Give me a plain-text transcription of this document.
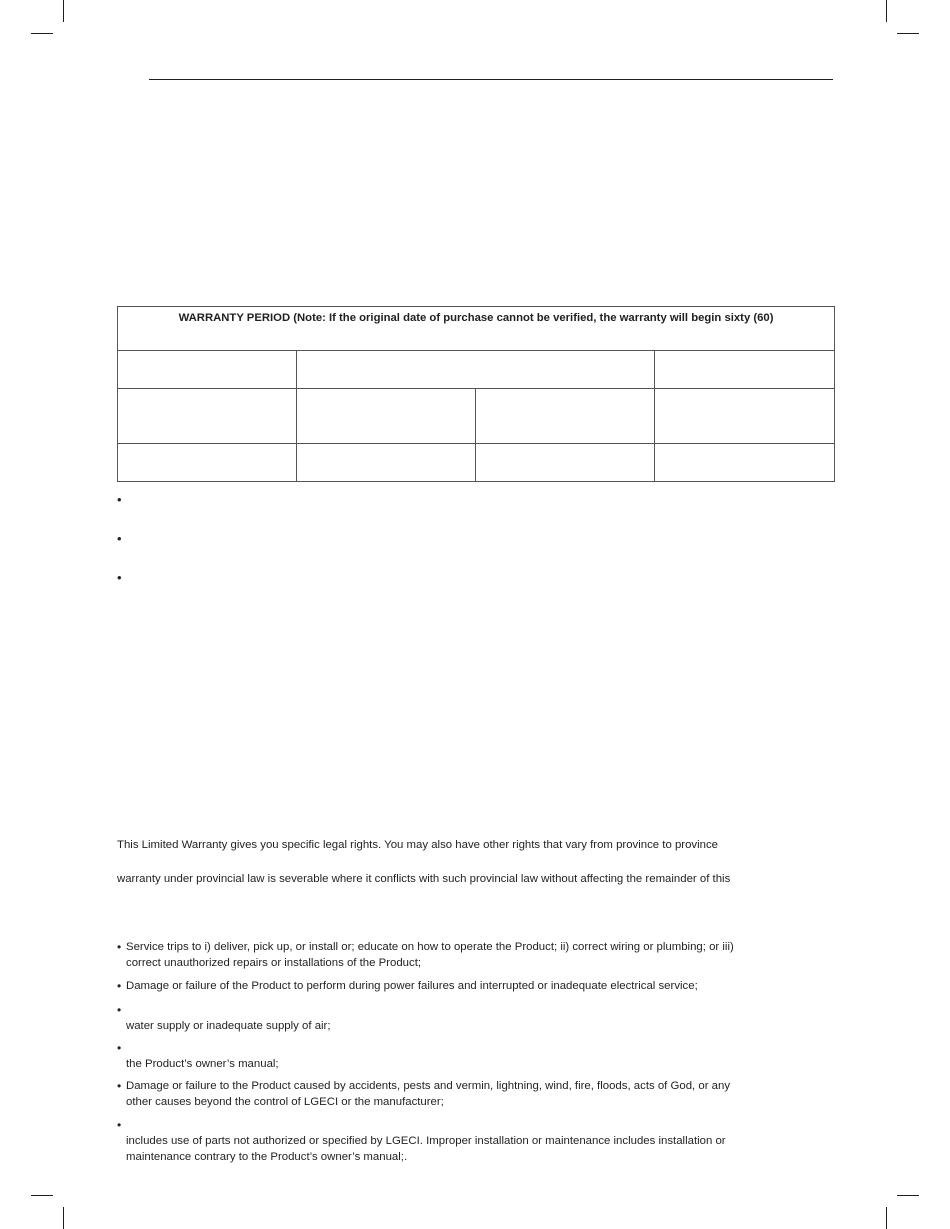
WARRANTY PERIOD (Note: If the original date of purchase cannot be verified, the warranty will begin sixty (60)			

•
•
•
This Limited Warranty gives you specific legal rights. You may also have other rights that vary from province to province
warranty under provincial law is severable where it conflicts with such provincial law without affecting the remainder of this
• Service trips to i) deliver, pick up, or install or; educate on how to operate the Product; ii) correct wiring or plumbing; or iii)
correct unauthorized repairs or installations of the Product;
• Damage or failure of the Product to perform during power failures and interrupted or inadequate electrical service;
•
water supply or inadequate supply of air;
•
the Product’s owner’s manual;
• Damage or failure to the Product caused by accidents, pests and vermin, lightning, wind, fire, floods, acts of God, or any
other causes beyond the control of LGECI or the manufacturer;
•
includes use of parts not authorized or specified by LGECI. Improper installation or maintenance includes installation or
maintenance contrary to the Product’s owner’s manual;.
